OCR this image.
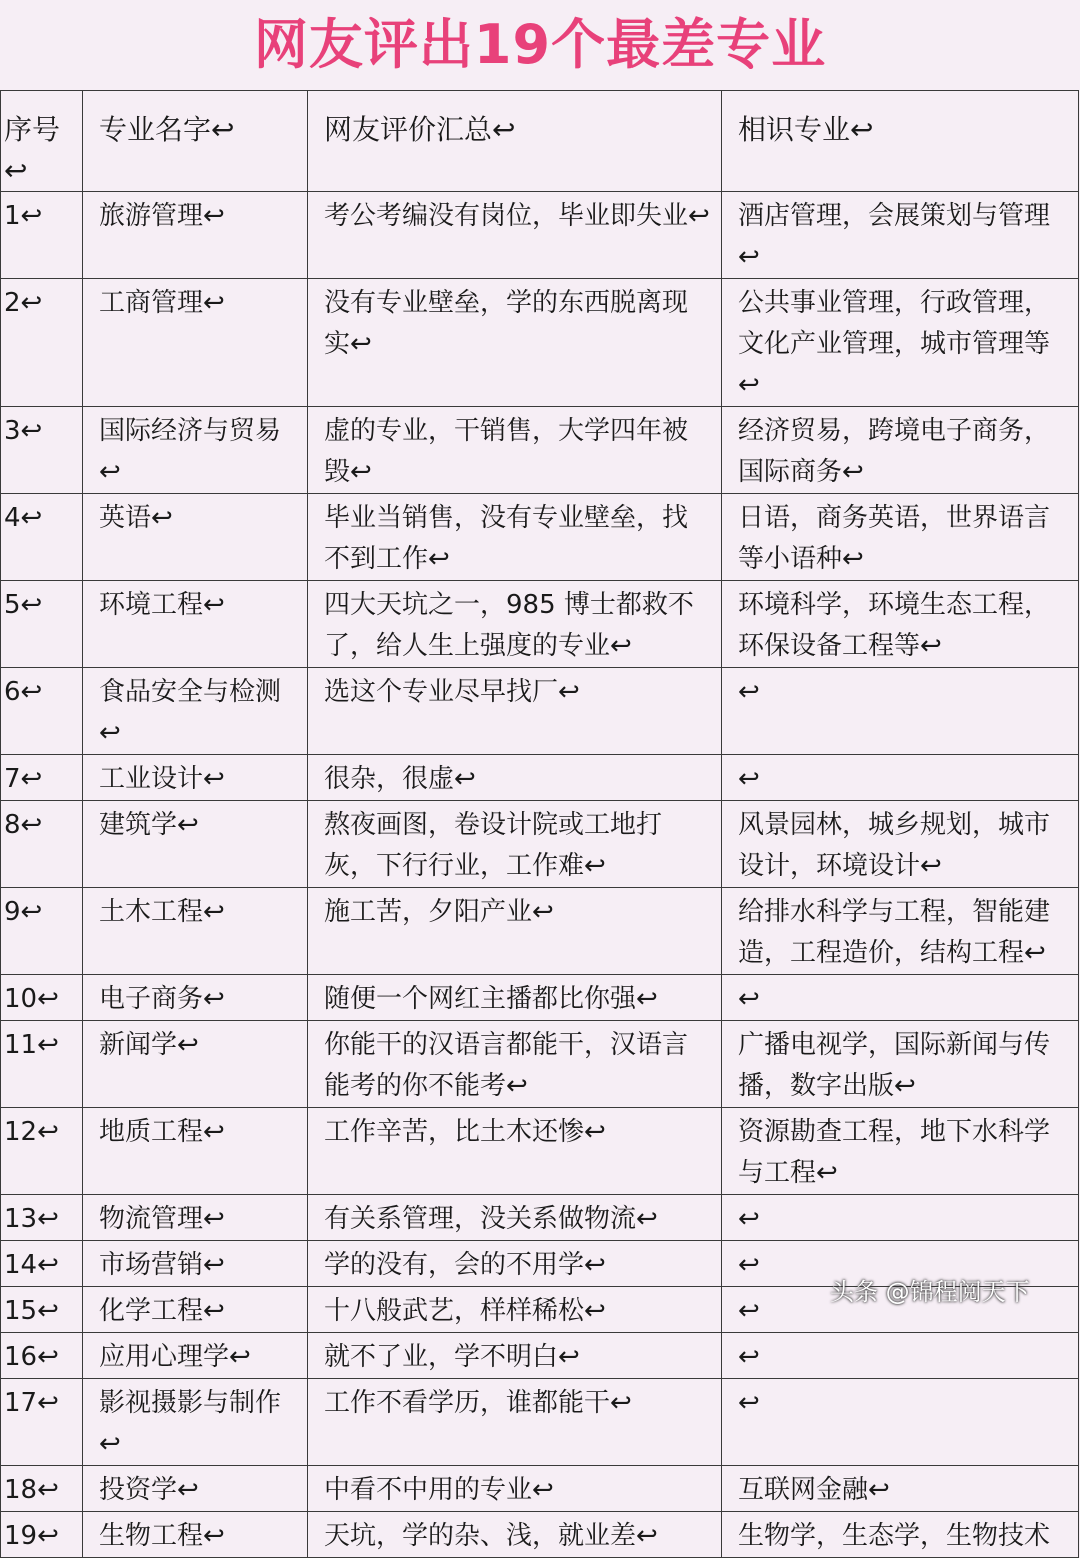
网友评出19个最差专业
序号↩	专业名字↩	网友评价汇总↩	相识专业↩
1↩	旅游管理↩	考公考编没有岗位，毕业即失业↩	酒店管理，会展策划与管理↩
2↩	工商管理↩	没有专业壁垒，学的东西脱离现实↩	公共事业管理，行政管理，文化产业管理，城市管理等↩
3↩	国际经济与贸易↩	虚的专业，干销售，大学四年被毁↩	经济贸易，跨境电子商务，国际商务↩
4↩	英语↩	毕业当销售，没有专业壁垒，找不到工作↩	日语，商务英语，世界语言等小语种↩
5↩	环境工程↩	四大天坑之一，985 博士都救不了，给人生上强度的专业↩	环境科学，环境生态工程，环保设备工程等↩
6↩	食品安全与检测↩	选这个专业尽早找厂↩	↩
7↩	工业设计↩	很杂，很虚↩	↩
8↩	建筑学↩	熬夜画图，卷设计院或工地打灰，下行行业，工作难↩	风景园林，城乡规划，城市设计，环境设计↩
9↩	土木工程↩	施工苦，夕阳产业↩	给排水科学与工程，智能建造，工程造价，结构工程↩
10↩	电子商务↩	随便一个网红主播都比你强↩	↩
11↩	新闻学↩	你能干的汉语言都能干，汉语言能考的你不能考↩	广播电视学，国际新闻与传播，数字出版↩
12↩	地质工程↩	工作辛苦，比土木还惨↩	资源勘查工程，地下水科学与工程↩
13↩	物流管理↩	有关系管理，没关系做物流↩	↩
14↩	市场营销↩	学的没有，会的不用学↩	↩
15↩	化学工程↩	十八般武艺，样样稀松↩	↩
16↩	应用心理学↩	就不了业，学不明白↩	↩
17↩	影视摄影与制作↩	工作不看学历，谁都能干↩	↩
18↩	投资学↩	中看不中用的专业↩	互联网金融↩
19↩	生物工程↩	天坑，学的杂、浅，就业差↩	生物学，生态学，生物技术
头条 @锦程阅天下
